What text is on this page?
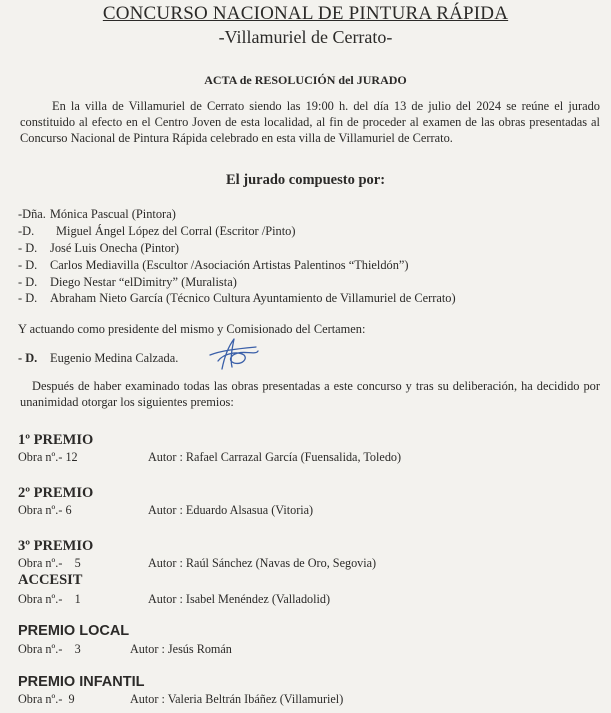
CONCURSO NACIONAL DE PINTURA RÁPIDA
-Villamuriel de Cerrato-
ACTA de RESOLUCIÓN del JURADO
En la villa de Villamuriel de Cerrato siendo las 19:00 h. del día 13 de julio del 2024 se reúne el jurado constituido al efecto en el Centro Joven de esta localidad, al fin de proceder al examen de las obras presentadas al Concurso Nacional de Pintura Rápida celebrado en esta villa de Villamuriel de Cerrato.
El jurado compuesto por:
-Dña. Mónica Pascual (Pintora)
-D. Miguel Ángel López del Corral (Escritor /Pinto)
- D. José Luis Onecha (Pintor)
- D. Carlos Mediavilla (Escultor /Asociación Artistas Palentinos “Thieldón”)
- D. Diego Nestar “elDimitry” (Muralista)
- D. Abraham Nieto García (Técnico Cultura Ayuntamiento de Villamuriel de Cerrato)
Y actuando como presidente del mismo y Comisionado del Certamen:
- D. Eugenio Medina Calzada.
Después de haber examinado todas las obras presentadas a este concurso y tras su deliberación, ha decidido por unanimidad otorgar los siguientes premios:
1º PREMIO
Obra nº.- 12	Autor : Rafael Carrazal García (Fuensalida, Toledo)
2º PREMIO
Obra nº.- 6	Autor : Eduardo Alsasua (Vitoria)
3º PREMIO
Obra nº.- 5	Autor : Raúl Sánchez (Navas de Oro, Segovia)
ACCESIT
Obra nº.- 1	Autor : Isabel Menéndez (Valladolid)
PREMIO LOCAL
Obra nº.- 3	Autor : Jesús Román
PREMIO INFANTIL
Obra nº.- 9	Autor : Valeria Beltrán Ibáñez (Villamuriel)
